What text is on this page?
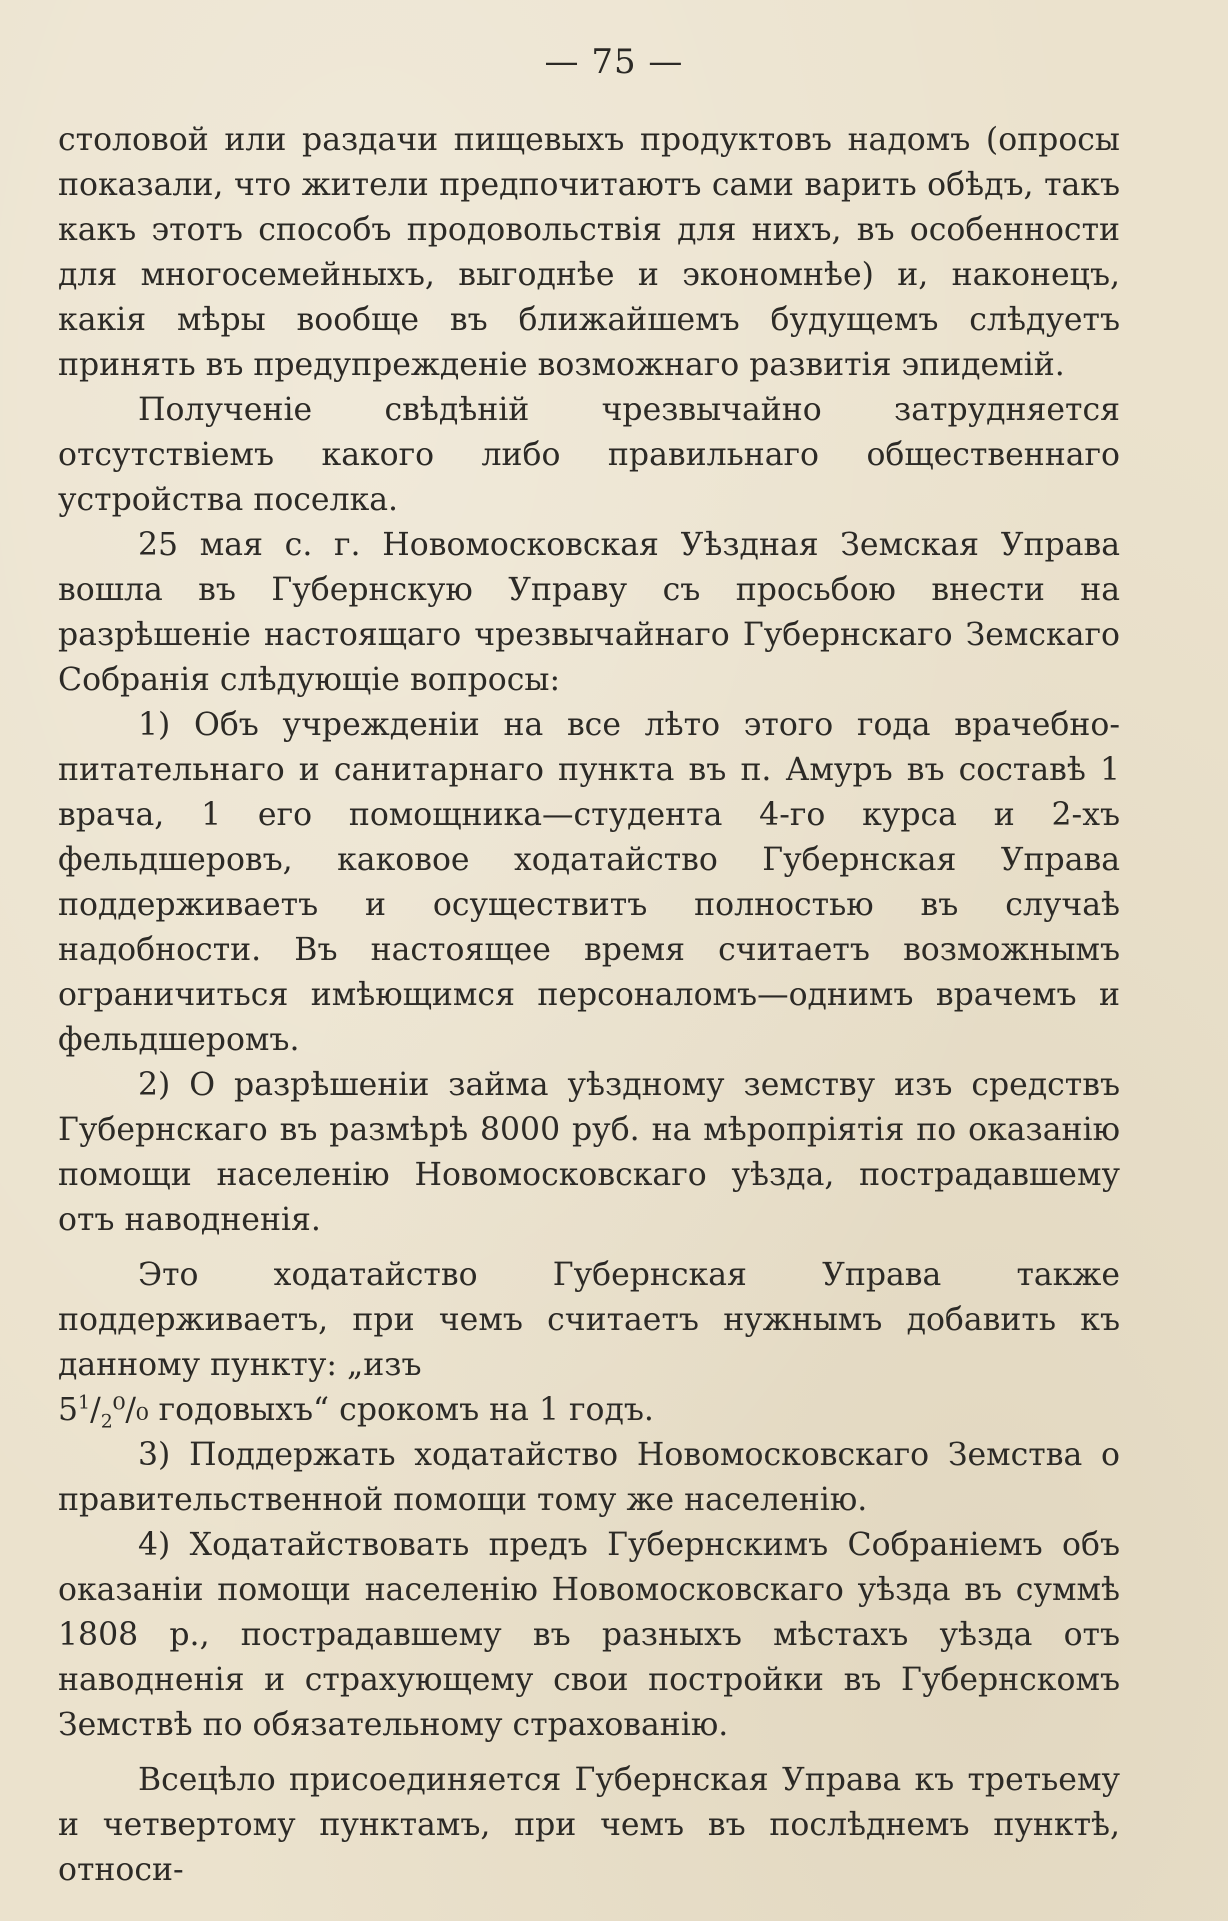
— 75 —

столовой или раздачи пищевыхъ продуктовъ надомъ (опросы показали, что жители предпочитаютъ сами варить обѣдъ, такъ какъ этотъ способъ продовольствія для нихъ, въ особенности для многосемейныхъ, выгоднѣе и экономнѣе) и, наконецъ, какія мѣры вообще въ ближайшемъ будущемъ слѣдуетъ принять въ предупрежденіе возможнаго развитія эпидемій.

Полученіе свѣдѣній чрезвычайно затрудняется отсутствіемъ какого либо правильнаго общественнаго устройства поселка.

25 мая с. г. Новомосковская Уѣздная Земская Управа вошла въ Губернскую Управу съ просьбою внести на разрѣшеніе настоящаго чрезвычайнаго Губернскаго Земскаго Собранія слѣдующіе вопросы:

1) Объ учрежденіи на все лѣто этого года врачебно-питательнаго и санитарнаго пункта въ п. Амуръ въ составѣ 1 врача, 1 его помощника—студента 4-го курса и 2-хъ фельдшеровъ, каковое ходатайство Губернская Управа поддерживаетъ и осуществитъ полностью въ случаѣ надобности. Въ настоящее время считаетъ возможнымъ ограничиться имѣющимся персоналомъ—однимъ врачемъ и фельдшеромъ.

2) О разрѣшеніи займа уѣздному земству изъ средствъ Губернскаго въ размѣрѣ 8000 руб. на мѣропріятія по оказанію помощи населенію Новомосковскаго уѣзда, пострадавшему отъ наводненія.

Это ходатайство Губернская Управа также поддерживаетъ, при чемъ считаетъ нужнымъ добавить къ данному пункту: „изъ
$5^1/_2^0/_0$ годовыхъ“ срокомъ на 1 годъ.

3) Поддержать ходатайство Новомосковскаго Земства о правительственной помощи тому же населенію.

4) Ходатайствовать предъ Губернскимъ Собраніемъ объ оказаніи помощи населенію Новомосковскаго уѣзда въ суммѣ 1808 р., пострадавшему въ разныхъ мѣстахъ уѣзда отъ наводненія и страхующему свои постройки въ Губернскомъ Земствѣ по обязательному страхованію.

Всецѣло присоединяется Губернская Управа къ третьему и четвертому пунктамъ, при чемъ въ послѣднемъ пунктѣ, относи-
